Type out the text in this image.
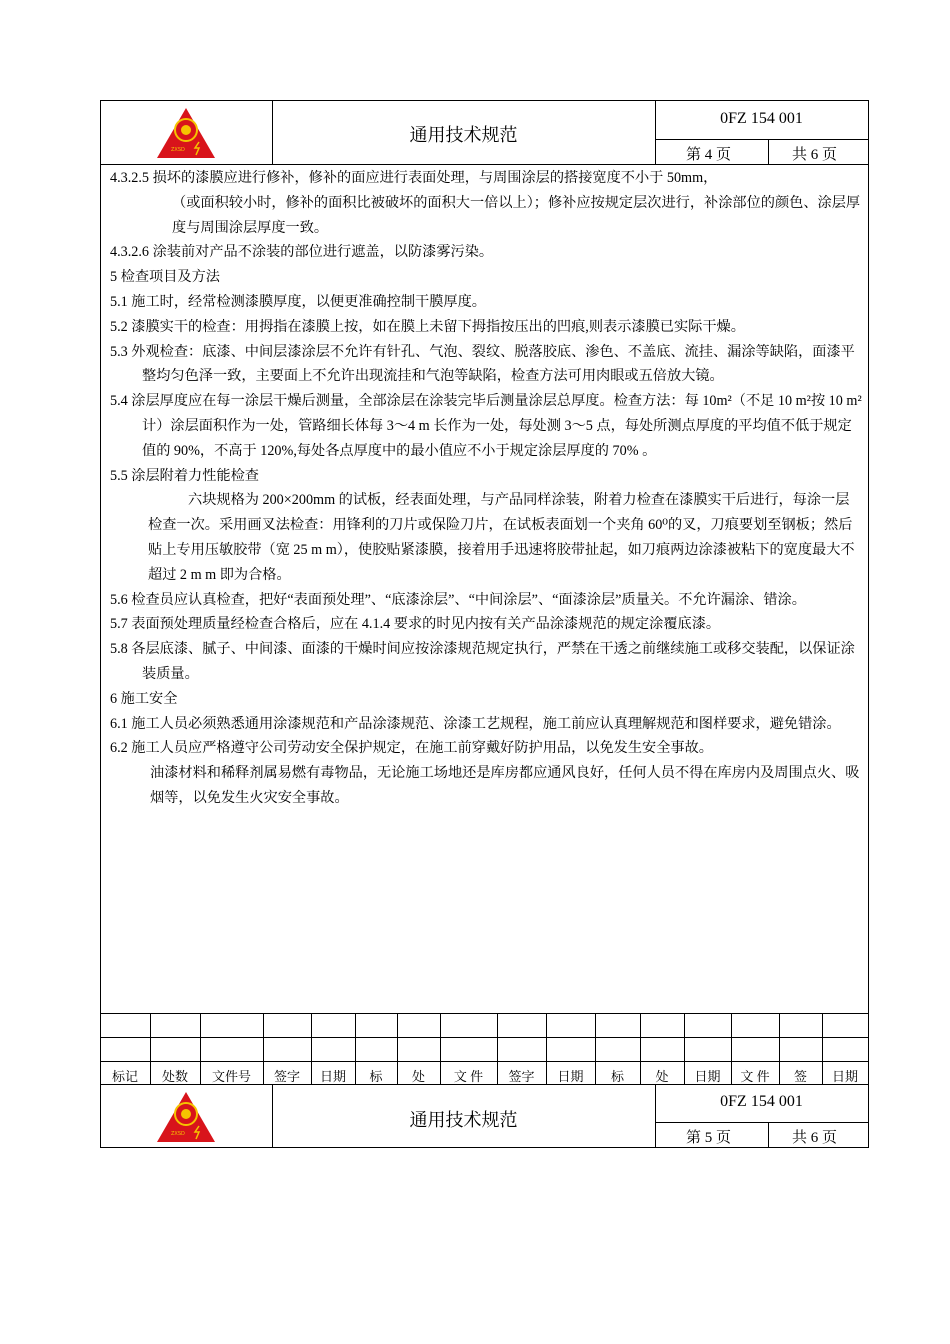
ZXSD
通用技术规范
0FZ 154 001
第 4 页	共 6 页

4.3.2.5 损坏的漆膜应进行修补，修补的面应进行表面处理，与周围涂层的搭接宽度不小于 50mm，

（或面积较小时，修补的面积比被破坏的面积大一倍以上）；修补应按规定层次进行，补涂部位的颜色、涂层厚度与周围涂层厚度一致。

4.3.2.6 涂装前对产品不涂装的部位进行遮盖，以防漆雾污染。

5 检查项目及方法

5.1 施工时，经常检测漆膜厚度，以便更准确控制干膜厚度。

5.2 漆膜实干的检查：用拇指在漆膜上按，如在膜上未留下拇指按压出的凹痕,则表示漆膜已实际干燥。

5.3 外观检查：底漆、中间层漆涂层不允许有针孔、气泡、裂纹、脱落胶底、渗色、不盖底、流挂、漏涂等缺陷，面漆平整均匀色泽一致，主要面上不允许出现流挂和气泡等缺陷，检查方法可用肉眼或五倍放大镜。

5.4 涂层厚度应在每一涂层干燥后测量，全部涂层在涂装完毕后测量涂层总厚度。检查方法：每 10m²（不足 10 m²按 10 m²计）涂层面积作为一处，管路细长体每 3～4 m 长作为一处，每处测 3～5 点，每处所测点厚度的平均值不低于规定值的 90%，不高于 120%,每处各点厚度中的最小值应不小于规定涂层厚度的 70% 。

5.5 涂层附着力性能检查

六块规格为 200×200mm 的试板，经表面处理，与产品同样涂装，附着力检查在漆膜实干后进行，每涂一层检查一次。采用画叉法检查：用锋利的刀片或保险刀片，在试板表面划一个夹角 60⁰的叉，刀痕要划至钢板；然后贴上专用压敏胶带（宽 25 m m），使胶贴紧漆膜，接着用手迅速将胶带扯起，如刀痕两边涂漆被粘下的宽度最大不超过 2 m m 即为合格。

5.6 检查员应认真检查，把好“表面预处理”、“底漆涂层”、“中间涂层”、“面漆涂层”质量关。不允许漏涂、错涂。

5.7 表面预处理质量经检查合格后，应在 4.1.4 要求的时见内按有关产品涂漆规范的规定涂覆底漆。

5.8 各层底漆、腻子、中间漆、面漆的干燥时间应按涂漆规范规定执行，严禁在干透之前继续施工或移交装配，以保证涂装质量。

6 施工安全

6.1 施工人员必须熟悉通用涂漆规范和产品涂漆规范、涂漆工艺规程，施工前应认真理解规范和图样要求，避免错涂。

6.2 施工人员应严格遵守公司劳动安全保护规定，在施工前穿戴好防护用品，以免发生安全事故。

油漆材料和稀释剂属易燃有毒物品，无论施工场地还是库房都应通风良好，任何人员不得在库房内及周围点火、吸烟等，以免发生火灾安全事故。

标记	处数	文件号	签字	日期	标	处	文 件	签字	日期	标	处	日期	文 件	签	日期
ZXSD
通用技术规范
0FZ 154 001
第 5 页	共 6 页
